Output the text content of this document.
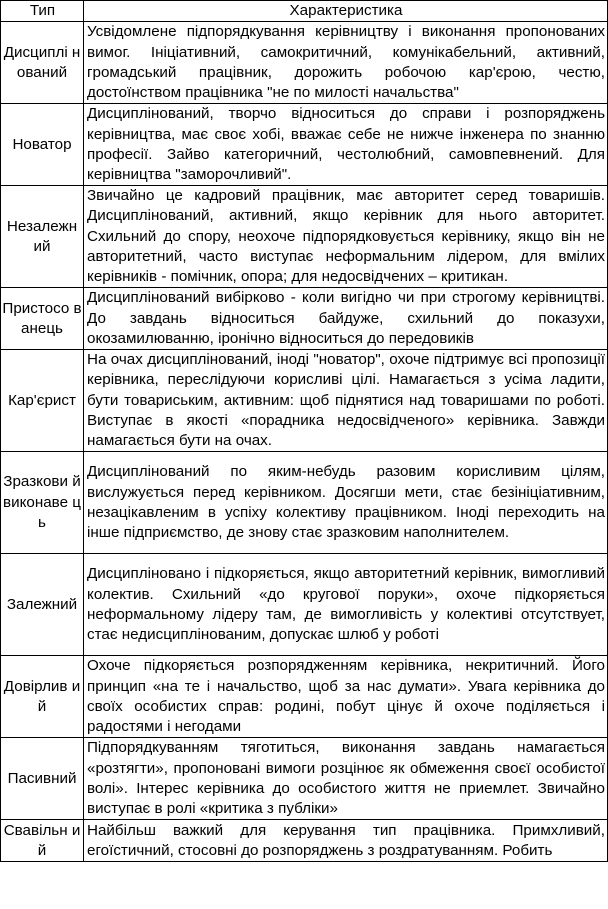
Тип	Характеристика
Дисциплі нований	Усвідомлене підпорядкування керівництву і виконання пропонованих вимог. Ініціативний, самокритичний, комунікабельний, активний, громадський працівник, дорожить робочою кар'єрою, честю, достоїнством працівника "не по милості начальства"
Новатор	Дисциплінований, творчо відноситься до справи і розпоряджень керівництва, має своє хобі, вважає себе не нижче інженера по знанню професії. Зайво категоричний, честолюбний, самовпевнений. Для керівництва "заморочливий".
Незалежн ий	Звичайно це кадровий працівник, має авторитет серед товаришів. Дисциплінований, активний, якщо керівник для нього авторитет. Схильний до спору, неохоче підпорядковується керівнику, якщо він не авторитетний, часто виступає неформальним лідером, для вмілих керівників - помічник, опора; для недосвідчених – критикан.
Пристосо ванець	Дисциплінований вибірково - коли вигідно чи при строгому керівництві. До завдань відноситься байдуже, схильний до показухи, окозамилюванню, іронічно відноситься до передовиків
Кар'єрист	На очах дисциплінований, іноді "новатор", охоче підтримує всі пропозиції керівника, переслідуючи корисливі цілі. Намагається з усіма ладити, бути товариським, активним: щоб піднятися над товаришами по роботі. Виступає в якості «порадника недосвідченого» керівника. Завжди намагається бути на очах.
Зразкови й виконаве ць	Дисциплінований по яким-небудь разовим корисливим цілям, вислужується перед керівником. Досягши мети, стає безініціативним, незацікавленим в успіху колективу працівником. Іноді переходить на інше підприємство, де знову стає зразковим наполнителем.
Залежний	Дисципліновано і підкоряється, якщо авторитетний керівник, вимогливий колектив. Схильний «до кругової поруки», охоче підкоряється неформальному лідеру там, де вимогливість у колективі отсутствует, стає недисциплінованим, допускає шлюб у роботі
Довірлив ий	Охоче підкоряється розпорядженням керівника, некритичний. Його принцип «на те і начальство, щоб за нас думати». Увага керівника до своїх особистих справ: родині, побут цінує й охоче поділяється і радостями і негодами
Пасивний	Підпорядкуванням тяготиться, виконання завдань намагається «розтягти», пропоновані вимоги розцінює як обмеження своєї особистої волі». Інтерес керівника до особистого життя не приемлет. Звичайно виступає в ролі «критика з публіки»
Свавільн ий	Найбільш важкий для керування тип працівника. Примхливий, егоїстичний, стосовні до розпоряджень з роздратуванням. Робить
